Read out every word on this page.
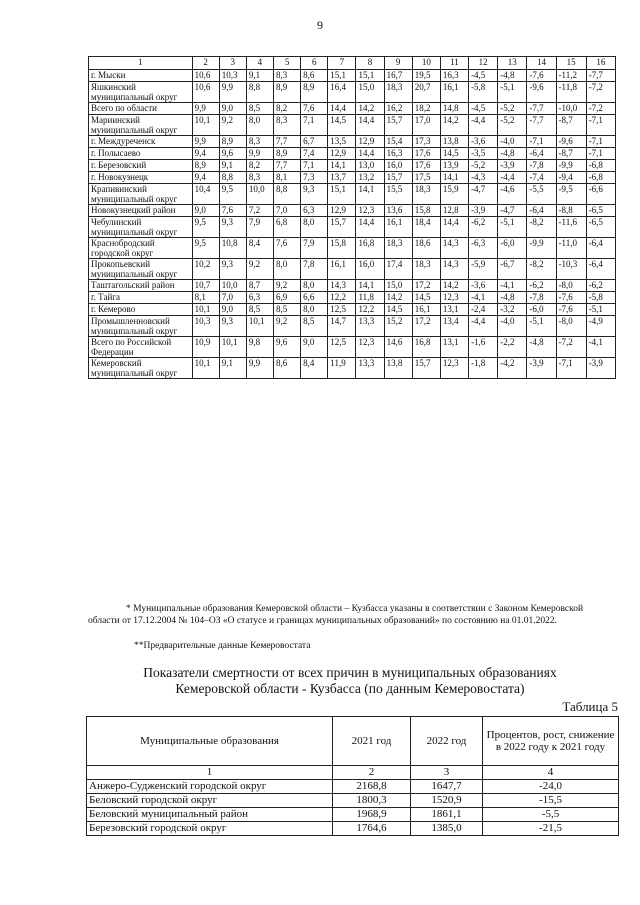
9
1	2	3	4	5	6	7	8	9	10	11	12	13	14	15	16
г. Мыски	10,6	10,3	9,1	8,3	8,6	15,1	15,1	16,7	19,5	16,3	-4,5	-4,8	-7,6	-11,2	-7,7
Яшкинский муниципальный округ	10,6	9,9	8,8	8,9	8,9	16,4	15,0	18,3	20,7	16,1	-5,8	-5,1	-9,6	-11,8	-7,2
Всего по области	9,9	9,0	8,5	8,2	7,6	14,4	14,2	16,2	18,2	14,8	-4,5	-5,2	-7,7	-10,0	-7,2
Мариинский муниципальный округ	10,1	9,2	8,0	8,3	7,1	14,5	14,4	15,7	17,0	14,2	-4,4	-5,2	-7,7	-8,7	-7,1
г. Междуреченск	9,9	8,9	8,3	7,7	6,7	13,5	12,9	15,4	17,3	13,8	-3,6	-4,0	-7,1	-9,6	-7,1
г. Полысаево	9,4	9,6	9,9	8,9	7,4	12,9	14,4	16,3	17,6	14,5	-3,5	-4,8	-6,4	-8,7	-7,1
г. Березовский	8,9	9,1	8,2	7,7	7,1	14,1	13,0	16,0	17,6	13,9	-5,2	-3,9	-7,8	-9,9	-6,8
г. Новокузнецк	9,4	8,8	8,3	8,1	7,3	13,7	13,2	15,7	17,5	14,1	-4,3	-4,4	-7,4	-9,4	-6,8
Крапивинский муниципальный округ	10,4	9,5	10,0	8,8	9,3	15,1	14,1	15,5	18,3	15,9	-4,7	-4,6	-5,5	-9,5	-6,6
Новокузнецкий район	9,0	7,6	7,2	7,0	6,3	12,9	12,3	13,6	15,8	12,8	-3,9	-4,7	-6,4	-8,8	-6,5
Чебулинский муниципальный округ	9,5	9,3	7,9	6,8	8,0	15,7	14,4	16,1	18,4	14,4	-6,2	-5,1	-8,2	-11,6	-6,5
Краснобродский городской округ	9,5	10,8	8,4	7,6	7,9	15,8	16,8	18,3	18,6	14,3	-6,3	-6,0	-9,9	-11,0	-6,4
Прокопьевский муниципальный округ	10,2	9,3	9,2	8,0	7,8	16,1	16,0	17,4	18,3	14,3	-5,9	-6,7	-8,2	-10,3	-6,4
Таштагольский район	10,7	10,0	8,7	9,2	8,0	14,3	14,1	15,0	17,2	14,2	-3,6	-4,1	-6,2	-8,0	-6,2
г. Тайга	8,1	7,0	6,3	6,9	6,6	12,2	11,8	14,2	14,5	12,3	-4,1	-4,8	-7,8	-7,6	-5,8
г. Кемерово	10,1	9,0	8,5	8,5	8,0	12,5	12,2	14,5	16,1	13,1	-2,4	-3,2	-6,0	-7,6	-5,1
Промышленновский муниципальный округ	10,3	9,3	10,1	9,2	8,5	14,7	13,3	15,2	17,2	13,4	-4,4	-4,0	-5,1	-8,0	-4,9
Всего по Российской Федерации	10,9	10,1	9,8	9,6	9,0	12,5	12,3	14,6	16,8	13,1	-1,6	-2,2	-4,8	-7,2	-4,1
Кемеровский муниципальный округ	10,1	9,1	9,9	8,6	8,4	11,9	13,3	13,8	15,7	12,3	-1,8	-4,2	-3,9	-7,1	-3,9
* Муниципальные образования Кемеровской области – Кузбасса указаны в соответствии с Законом Кемеровской области от 17.12.2004 № 104–ОЗ «О статусе и границах муниципальных образований» по состоянию на 01.01.2022.
**Предварительные данные Кемеровостата
Показатели смертности от всех причин в муниципальных образованиях
Кемеровской области - Кузбасса (по данным Кемеровостата)
Таблица 5
Муниципальные образования	2021 год	2022 год	Процентов, рост, снижение в 2022 году к 2021 году
1	2	3	4
Анжеро-Судженский городской округ	2168,8	1647,7	-24,0
Беловский городской округ	1800,3	1520,9	-15,5
Беловский муниципальный район	1968,9	1861,1	-5,5
Березовский городской округ	1764,6	1385,0	-21,5
